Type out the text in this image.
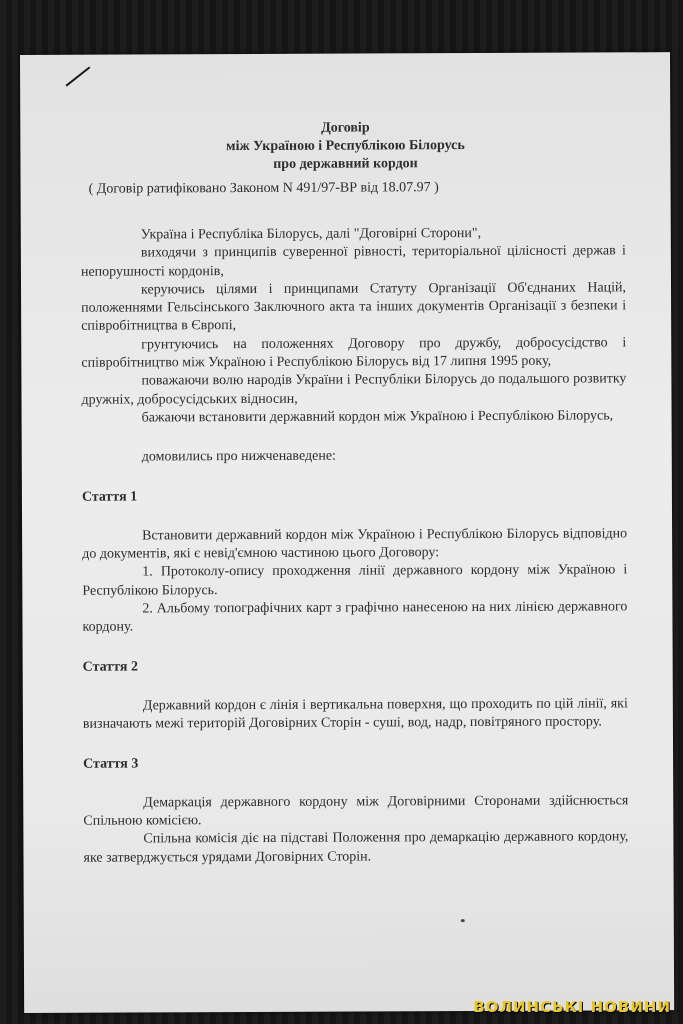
Договір
між Україною і Республікою Білорусь
про державний кордон
( Договір ратифіковано Законом N 491/97-ВР від 18.07.97 )

Україна і Республіка Білорусь, далі "Договірні Сторони",

виходячи з принципів суверенної рівності, територіальної цілісності держав і непорушності кордонів,

керуючись цілями і принципами Статуту Організації Об'єднаних Націй, положеннями Гельсінського Заключного акта та інших документів Організації з безпеки і співробітництва в Європі,

грунтуючись на положеннях Договору про дружбу, добросусідство і співробітництво між Україною і Республікою Білорусь від 17 липня 1995 року,

поважаючи волю народів України і Республіки Білорусь до подальшого розвитку дружніх, добросусідських відносин,

бажаючи встановити державний кордон між Україною і Республікою Білорусь,

домовились про нижченаведене:

Стаття 1

Встановити державний кордон між Україною і Республікою Білорусь відповідно до документів, які є невід'ємною частиною цього Договору:

1. Протоколу-опису проходження лінії державного кордону між Україною і Республікою Білорусь.

2. Альбому топографічних карт з графічно нанесеною на них лінією державного кордону.

Стаття 2

Державний кордон є лінія і вертикальна поверхня, що проходить по цій лінії, які визначають межі територій Договірних Сторін - суші, вод, надр, повітряного простору.

Стаття 3

Демаркація державного кордону між Договірними Сторонами здійснюється Спільною комісією.

Спільна комісія діє на підставі Положення про демаркацію державного кордону, яке затверджується урядами Договірних Сторін.

ВОЛИНСЬКІ НОВИНИ
